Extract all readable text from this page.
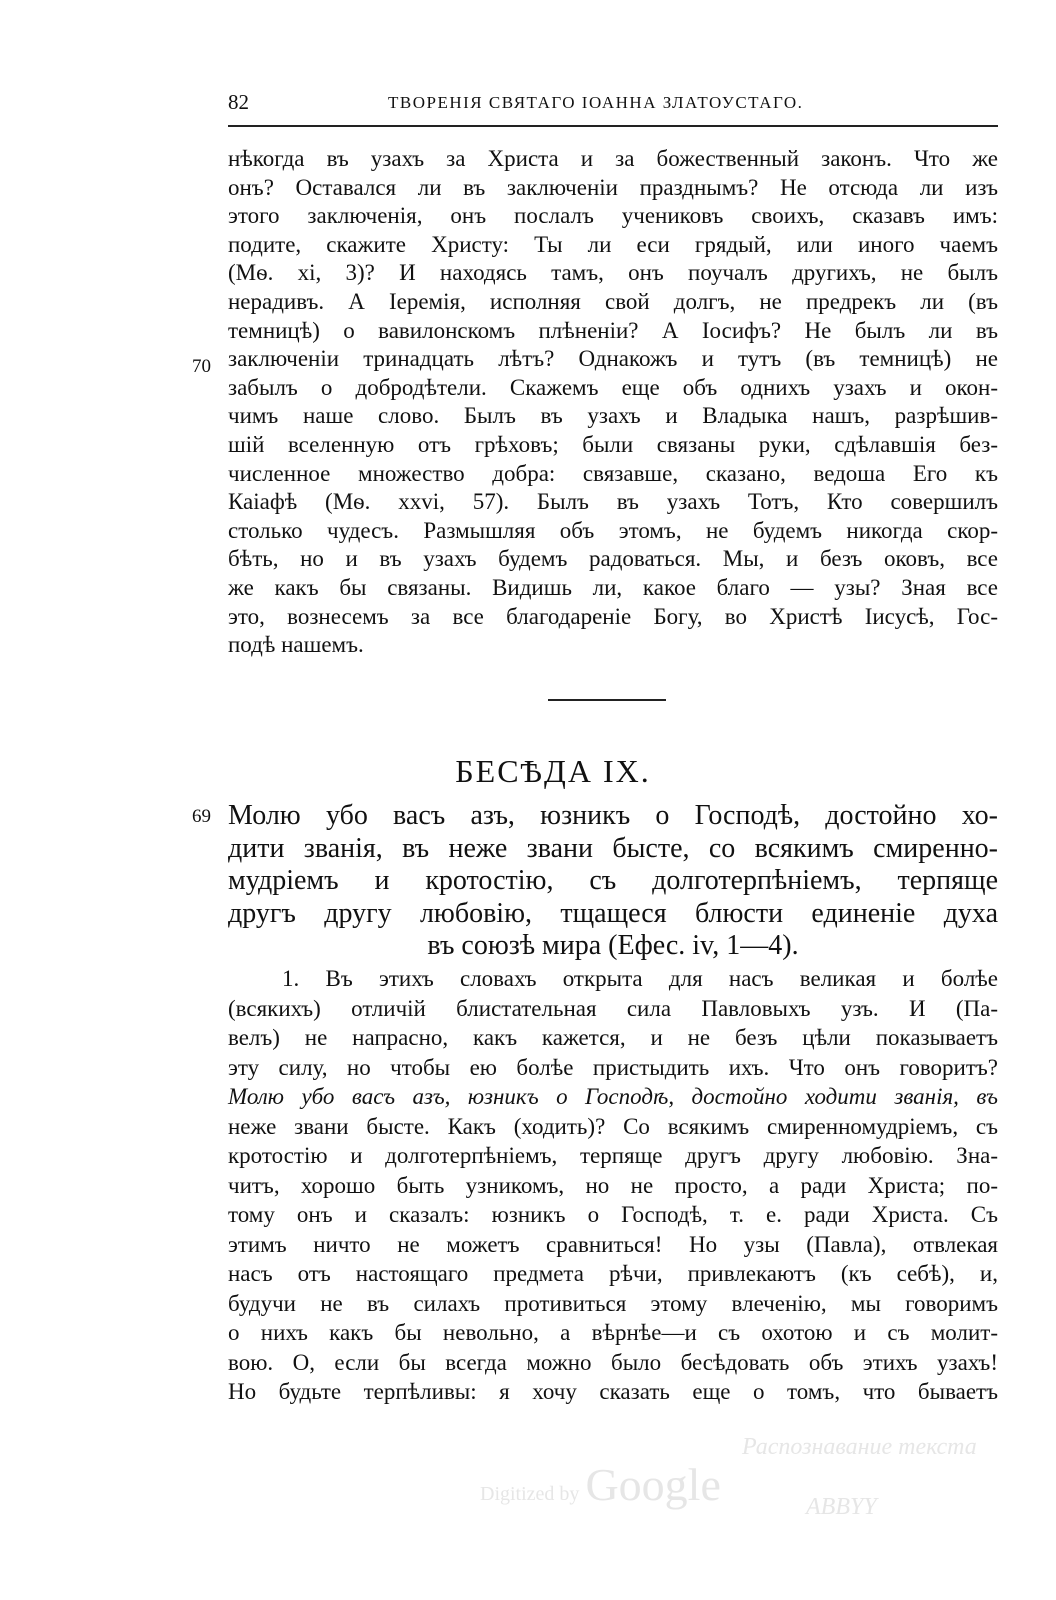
82	ТВОРЕНІЯ СВЯТАГО ІОАННА ЗЛАТОУСТАГО.
70
нѣкогда въ узахъ за Христа и за божественный законъ. Что же
онъ? Оставался ли въ заключеніи празднымъ? Не отсюда ли изъ
этого заключенія, онъ послалъ учениковъ своихъ, сказавъ имъ:
подите, скажите Христу: Ты ли еси грядый, или иного чаемъ
(Мѳ. xi, 3)? И находясь тамъ, онъ поучалъ другихъ, не былъ
нерадивъ. А Іеремія, исполняя свой долгъ, не предрекъ ли (въ
темницѣ) о вавилонскомъ плѣненіи? А Іосифъ? Не былъ ли въ
заключеніи тринадцать лѣтъ? Однакожъ и тутъ (въ темницѣ) не
забылъ о добродѣтели. Скажемъ еще объ однихъ узахъ и окон-
чимъ наше слово. Былъ въ узахъ и Владыка нашъ, разрѣшив-
шій вселенную отъ грѣховъ; были связаны руки, сдѣлавшія без-
численное множество добра: связавше, сказано, ведоша Его къ
Каіафѣ (Мѳ. xxvi, 57). Былъ въ узахъ Тотъ, Кто совершилъ
столько чудесъ. Размышляя объ этомъ, не будемъ никогда скор-
бѣть, но и въ узахъ будемъ радоваться. Мы, и безъ оковъ, все
же какъ бы связаны. Видишь ли, какое благо — узы? Зная все
это, вознесемъ за все благодареніе Богу, во Христѣ Іисусѣ, Гос-
подѣ нашемъ.
БЕСѢДА IX.
69 Молю убо васъ азъ, юзникъ о Господѣ, достойно хо-
дити званія, въ неже звани бысте, со всякимъ смиренно-
мудріемъ и кротостію, съ долготерпѣніемъ, терпяще
другъ другу любовію, тщащеся блюсти единеніе духа
въ союзѣ мира (Ефес. iv, 1—4).
1. Въ этихъ словахъ открыта для насъ великая и болѣе
(всякихъ) отличій блистательная сила Павловыхъ узъ. И (Па-
велъ) не напрасно, какъ кажется, и не безъ цѣли показываетъ
эту силу, но чтобы ею болѣе пристыдить ихъ. Что онъ говоритъ?
Молю убо васъ азъ, юзникъ о Господѣ, достойно ходити званія, въ
неже звани бысте. Какъ (ходить)? Со всякимъ смиренномудріемъ, съ
кротостію и долготерпѣніемъ, терпяще другъ другу любовію. Зна-
читъ, хорошо быть узникомъ, но не просто, а ради Христа; по-
тому онъ и сказалъ: юзникъ о Господѣ, т. е. ради Христа. Съ
этимъ ничто не можетъ сравниться! Но узы (Павла), отвлекая
насъ отъ настоящаго предмета рѣчи, привлекаютъ (къ себѣ), и,
будучи не въ силахъ противиться этому влеченію, мы говоримъ
о нихъ какъ бы невольно, а вѣрнѣе—и съ охотою и съ молит-
вою. О, если бы всегда можно было бесѣдовать объ этихъ узахъ!
Но будьте терпѣливы: я хочу сказать еще о томъ, что бываетъ
Digitized by Google
Распознавание текста
АВВYY
